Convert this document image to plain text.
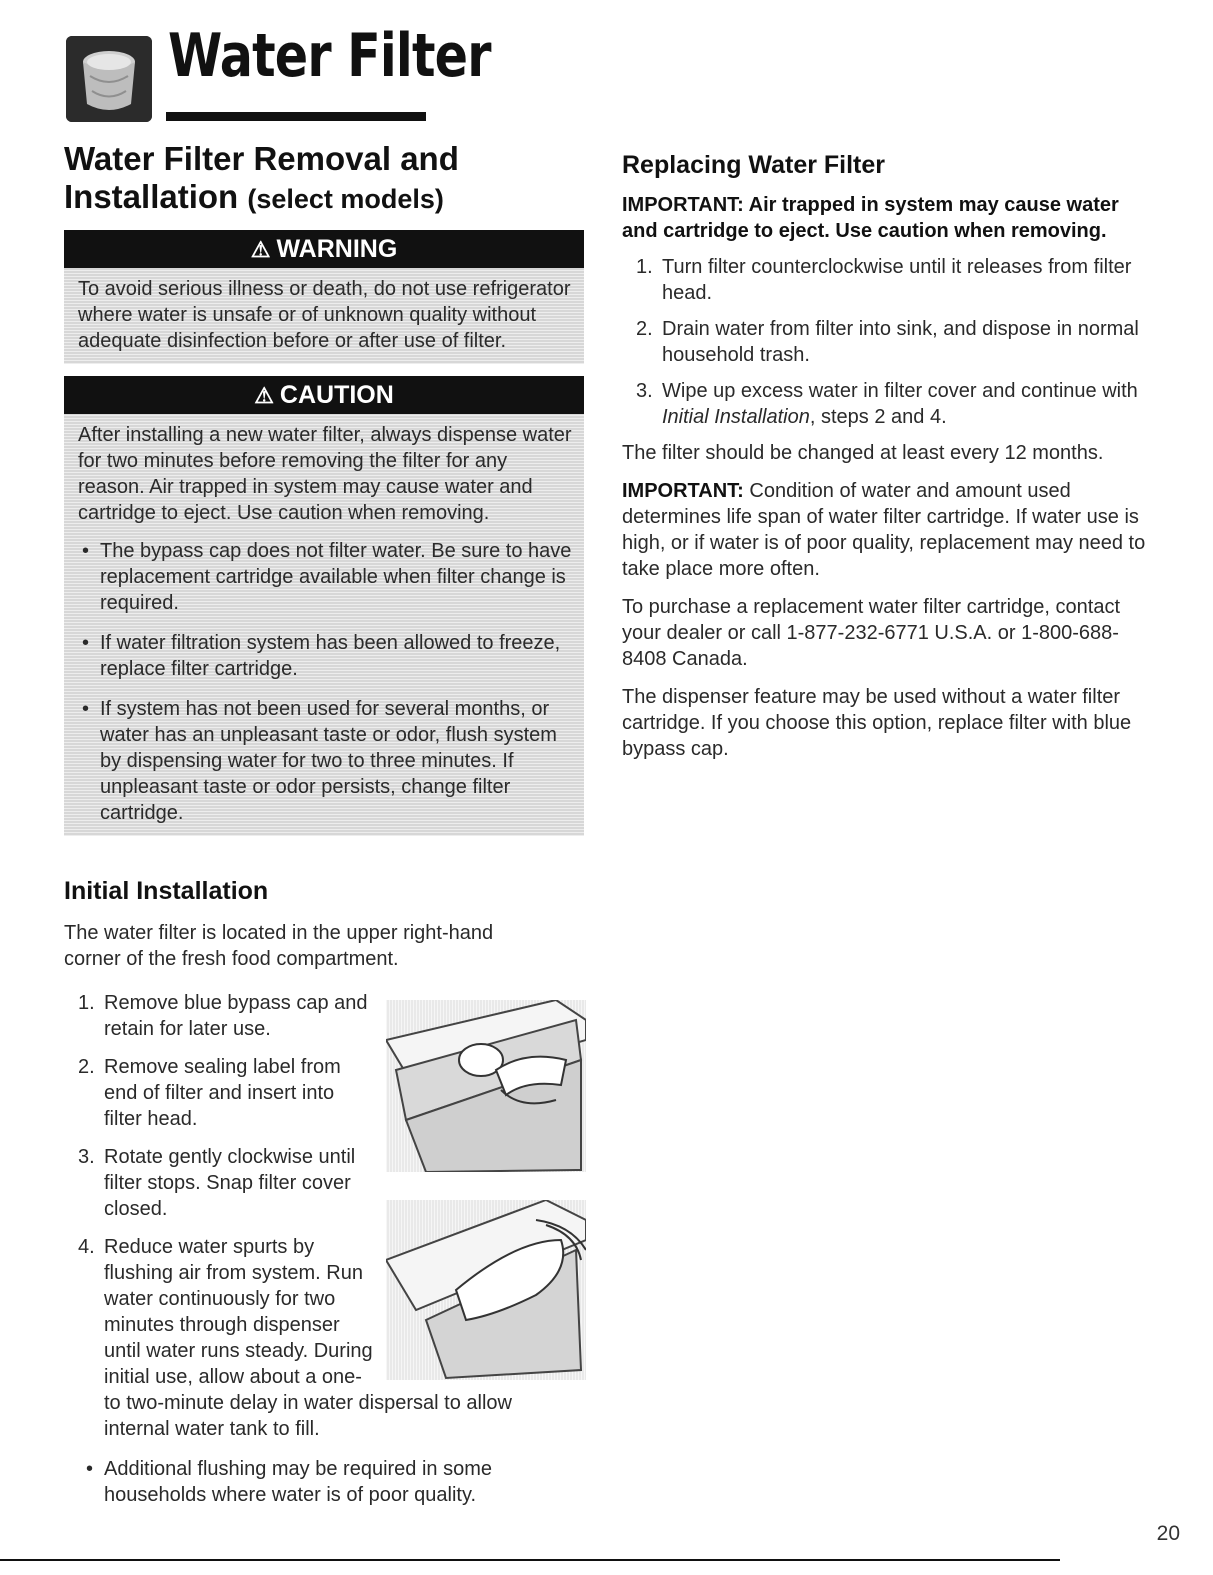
Water Filter
Water Filter Removal and Installation (select models)
⚠ WARNING

To avoid serious illness or death, do not use refrigerator where water is unsafe or of unknown quality without adequate disinfection before or after use of filter.

⚠ CAUTION

After installing a new water filter, always dispense water for two minutes before removing the filter for any reason. Air trapped in system may cause water and cartridge to eject. Use caution when removing.

• The bypass cap does not filter water. Be sure to have replacement cartridge available when filter change is required.
• If water filtration system has been allowed to freeze, replace filter cartridge.
• If system has not been used for several months, or water has an unpleasant taste or odor, flush system by dispensing water for two to three minutes. If unpleasant taste or odor persists, change filter cartridge.
Initial Installation

The water filter is located in the upper right-hand corner of the fresh food compartment.

1. Remove blue bypass cap and retain for later use.
2. Remove sealing label from end of filter and insert into filter head.
3. Rotate gently clockwise until filter stops. Snap filter cover closed.
4. Reduce water spurts by flushing air from system. Run water continuously for two minutes through dispenser until water runs steady. During initial use, allow about a one- to two-minute delay in water dispersal to allow internal water tank to fill.
• Additional flushing may be required in some households where water is of poor quality.
Replacing Water Filter

IMPORTANT: Air trapped in system may cause water and cartridge to eject. Use caution when removing.

1. Turn filter counterclockwise until it releases from filter head.
2. Drain water from filter into sink, and dispose in normal household trash.
3. Wipe up excess water in filter cover and continue with Initial Installation, steps 2 and 4.

The filter should be changed at least every 12 months.

IMPORTANT: Condition of water and amount used determines life span of water filter cartridge. If water use is high, or if water is of poor quality, replacement may need to take place more often.

To purchase a replacement water filter cartridge, contact your dealer or call 1-877-232-6771 U.S.A. or 1-800-688-8408 Canada.

The dispenser feature may be used without a water filter cartridge. If you choose this option, replace filter with blue bypass cap.

20
